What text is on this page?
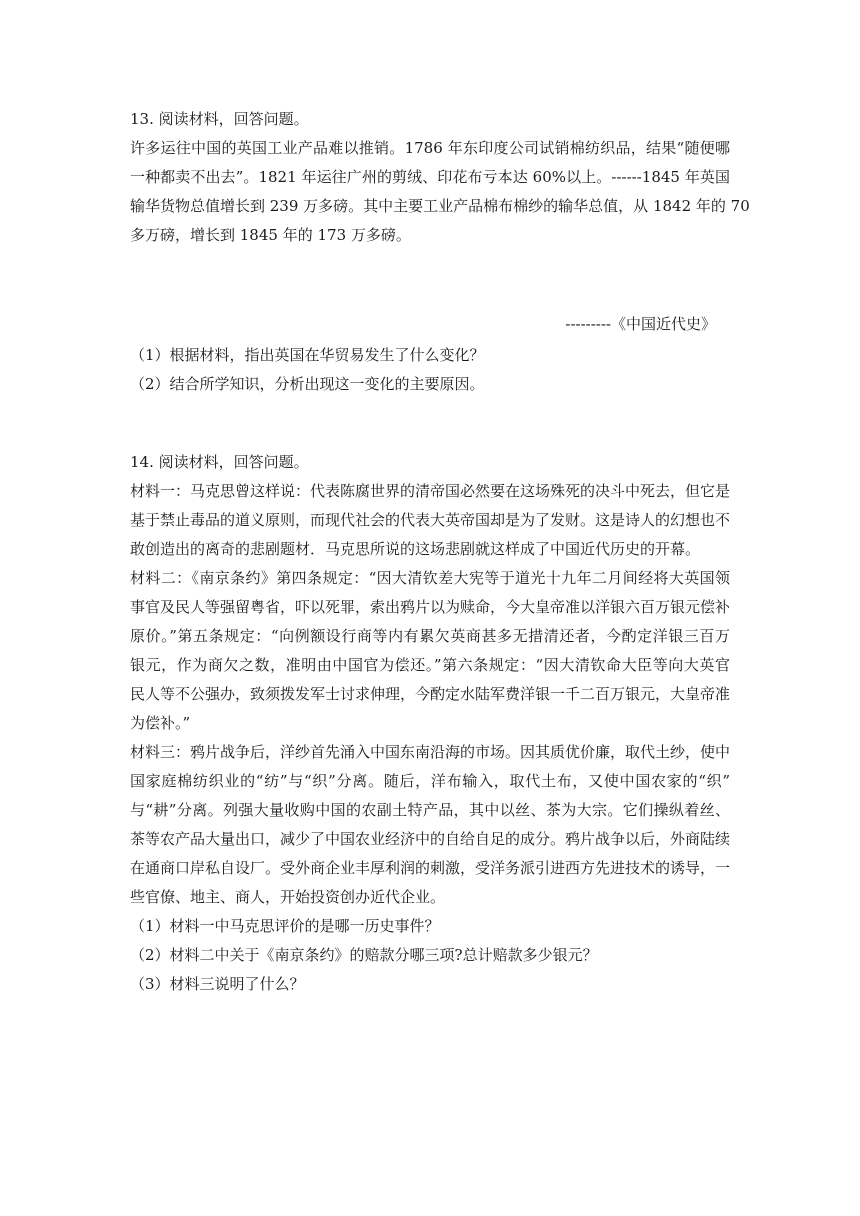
13. 阅读材料，回答问题。
许多运往中国的英国工业产品难以推销。1786 年东印度公司试销棉纺织品，结果“随便哪
一种都卖不出去”。1821 年运往广州的剪绒、印花布亏本达 60%以上。------1845 年英国
输华货物总值增长到 239 万多磅。其中主要工业产品棉布棉纱的输华总值，从 1842 年的 70
多万磅，增长到 1845 年的 173 万多磅。
---------《中国近代史》
（1）根据材料，指出英国在华贸易发生了什么变化？
（2）结合所学知识，分析出现这一变化的主要原因。
14. 阅读材料，回答问题。
材料一：马克思曾这样说：代表陈腐世界的清帝国必然要在这场殊死的决斗中死去，但它是
基于禁止毒品的道义原则，而现代社会的代表大英帝国却是为了发财。这是诗人的幻想也不
敢创造出的离奇的悲剧题材．马克思所说的这场悲剧就这样成了中国近代历史的开幕。
材料二：《南京条约》第四条规定：“因大清钦差大宪等于道光十九年二月间经将大英国领
事官及民人等强留粤省，吓以死罪，索出鸦片以为赎命，今大皇帝准以洋银六百万银元偿补
原价。”第五条规定：“向例额设行商等内有累欠英商甚多无措清还者，今酌定洋银三百万
银元，作为商欠之数，准明由中国官为偿还。”第六条规定：“因大清钦命大臣等向大英官
民人等不公强办，致须拨发军士讨求伸理，今酌定水陆军费洋银一千二百万银元，大皇帝准
为偿补。”
材料三：鸦片战争后，洋纱首先涌入中国东南沿海的市场。因其质优价廉，取代土纱，使中
国家庭棉纺织业的“纺”与“织”分离。随后，洋布输入，取代土布，又使中国农家的“织”
与“耕”分离。列强大量收购中国的农副土特产品，其中以丝、茶为大宗。它们操纵着丝、
茶等农产品大量出口，减少了中国农业经济中的自给自足的成分。鸦片战争以后，外商陆续
在通商口岸私自设厂。受外商企业丰厚利润的刺激，受洋务派引进西方先进技术的诱导，一
些官僚、地主、商人，开始投资创办近代企业。
（1）材料一中马克思评价的是哪一历史事件？
（2）材料二中关于《南京条约》的赔款分哪三项?总计赔款多少银元？
（3）材料三说明了什么？
